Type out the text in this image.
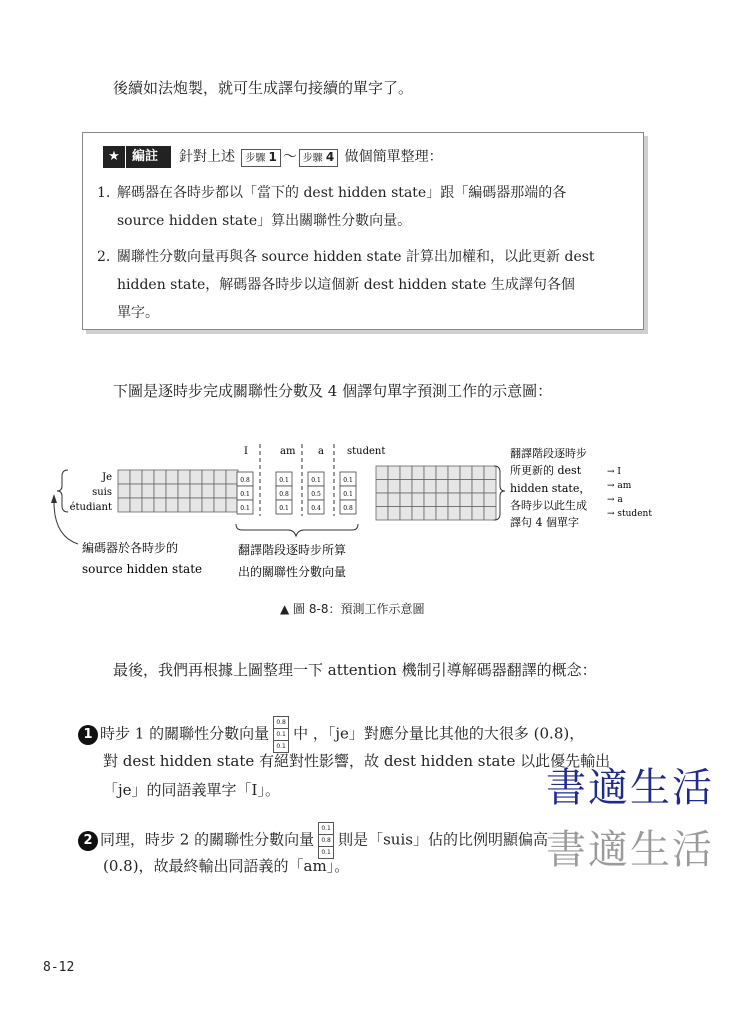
後續如法炮製，就可生成譯句接續的單字了。
★ 編註	針對上述 步驟 1 ～ 步驟 4 做個簡單整理：
1. 解碼器在各時步都以「當下的 dest hidden state」跟「編碼器那端的各
source hidden state」算出關聯性分數向量。
2. 關聯性分數向量再與各 source hidden state 計算出加權和，以此更新 dest
hidden state，解碼器各時步以這個新 dest hidden state 生成譯句各個
單字。
下圖是逐時步完成關聯性分數及 4 個譯句單字預測工作的示意圖：
Je
suis
étudiant
I	am a student
0.8
0.1
0.1
0.1
0.8
0.1
0.1
0.5
0.4
0.1
0.1
0.8
翻譯階段逐時步
所更新的 dest
hidden state，
各時步以此生成
譯句 4 個單字
→ I
→ am
→ a
→ student
編碼器於各時步的
source hidden state
翻譯階段逐時步所算
出的關聯性分數向量
▲ 圖 8-8：預測工作示意圖
最後，我們再根據上圖整理一下 attention 機制引導解碼器翻譯的概念：
1 時步 1 的關聯性分數向量
0.8
0.1
0.1
中 ，「je」對應分量比其他的大很多 (0.8)，
對 dest hidden state 有絕對性影響，故 dest hidden state 以此優先輸出
「je」的同語義單字「I」。
2 同理，時步 2 的關聯性分數向量
0.1
0.8
0.1
則是「suis」佔的比例明顯偏高
(0.8)，故最終輸出同語義的「am」。
書適生活
書適生活
8-12
